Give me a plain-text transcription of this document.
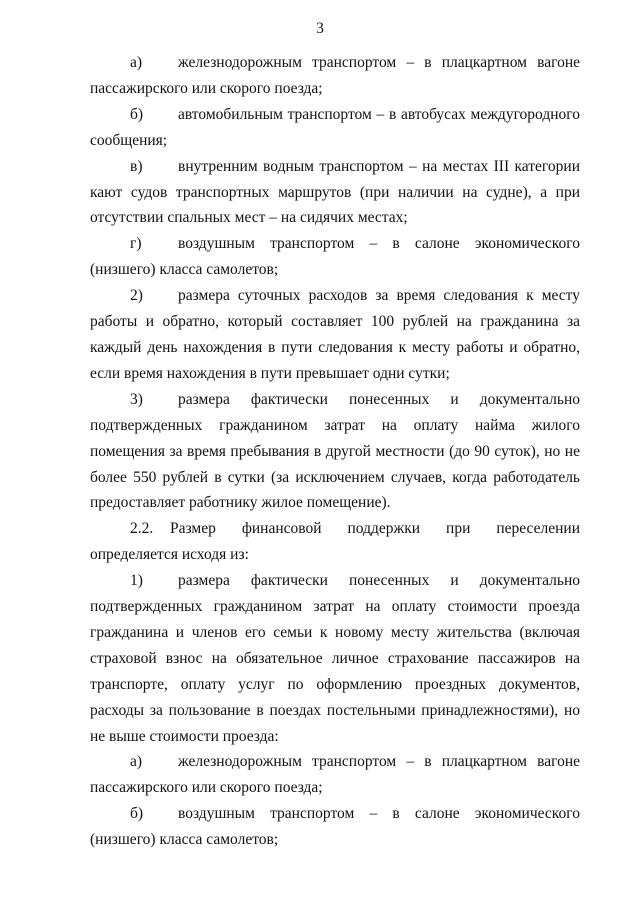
3

а) железнодорожным транспортом – в плацкартном вагоне пассажирского или скорого поезда;

б) автомобильным транспортом – в автобусах междугородного сообщения;

в) внутренним водным транспортом – на местах III категории кают судов транспортных маршрутов (при наличии на судне), а при отсутствии спальных мест – на сидячих местах;

г) воздушным транспортом – в салоне экономического (низшего) класса самолетов;

2) размера суточных расходов за время следования к месту работы и обратно, который составляет 100 рублей на гражданина за каждый день нахождения в пути следования к месту работы и обратно, если время нахождения в пути превышает одни сутки;

3) размера фактически понесенных и документально подтвержденных гражданином затрат на оплату найма жилого помещения за время пребывания в другой местности (до 90 суток), но не более 550 рублей в сутки (за исключением случаев, когда работодатель предоставляет работнику жилое помещение).

2.2. Размер финансовой поддержки при переселении определяется исходя из:

1) размера фактически понесенных и документально подтвержденных гражданином затрат на оплату стоимости проезда гражданина и членов его семьи к новому месту жительства (включая страховой взнос на обязательное личное страхование пассажиров на транспорте, оплату услуг по оформлению проездных документов, расходы за пользование в поездах постельными принадлежностями), но не выше стоимости проезда:

а) железнодорожным транспортом – в плацкартном вагоне пассажирского или скорого поезда;

б) воздушным транспортом – в салоне экономического (низшего) класса самолетов;
